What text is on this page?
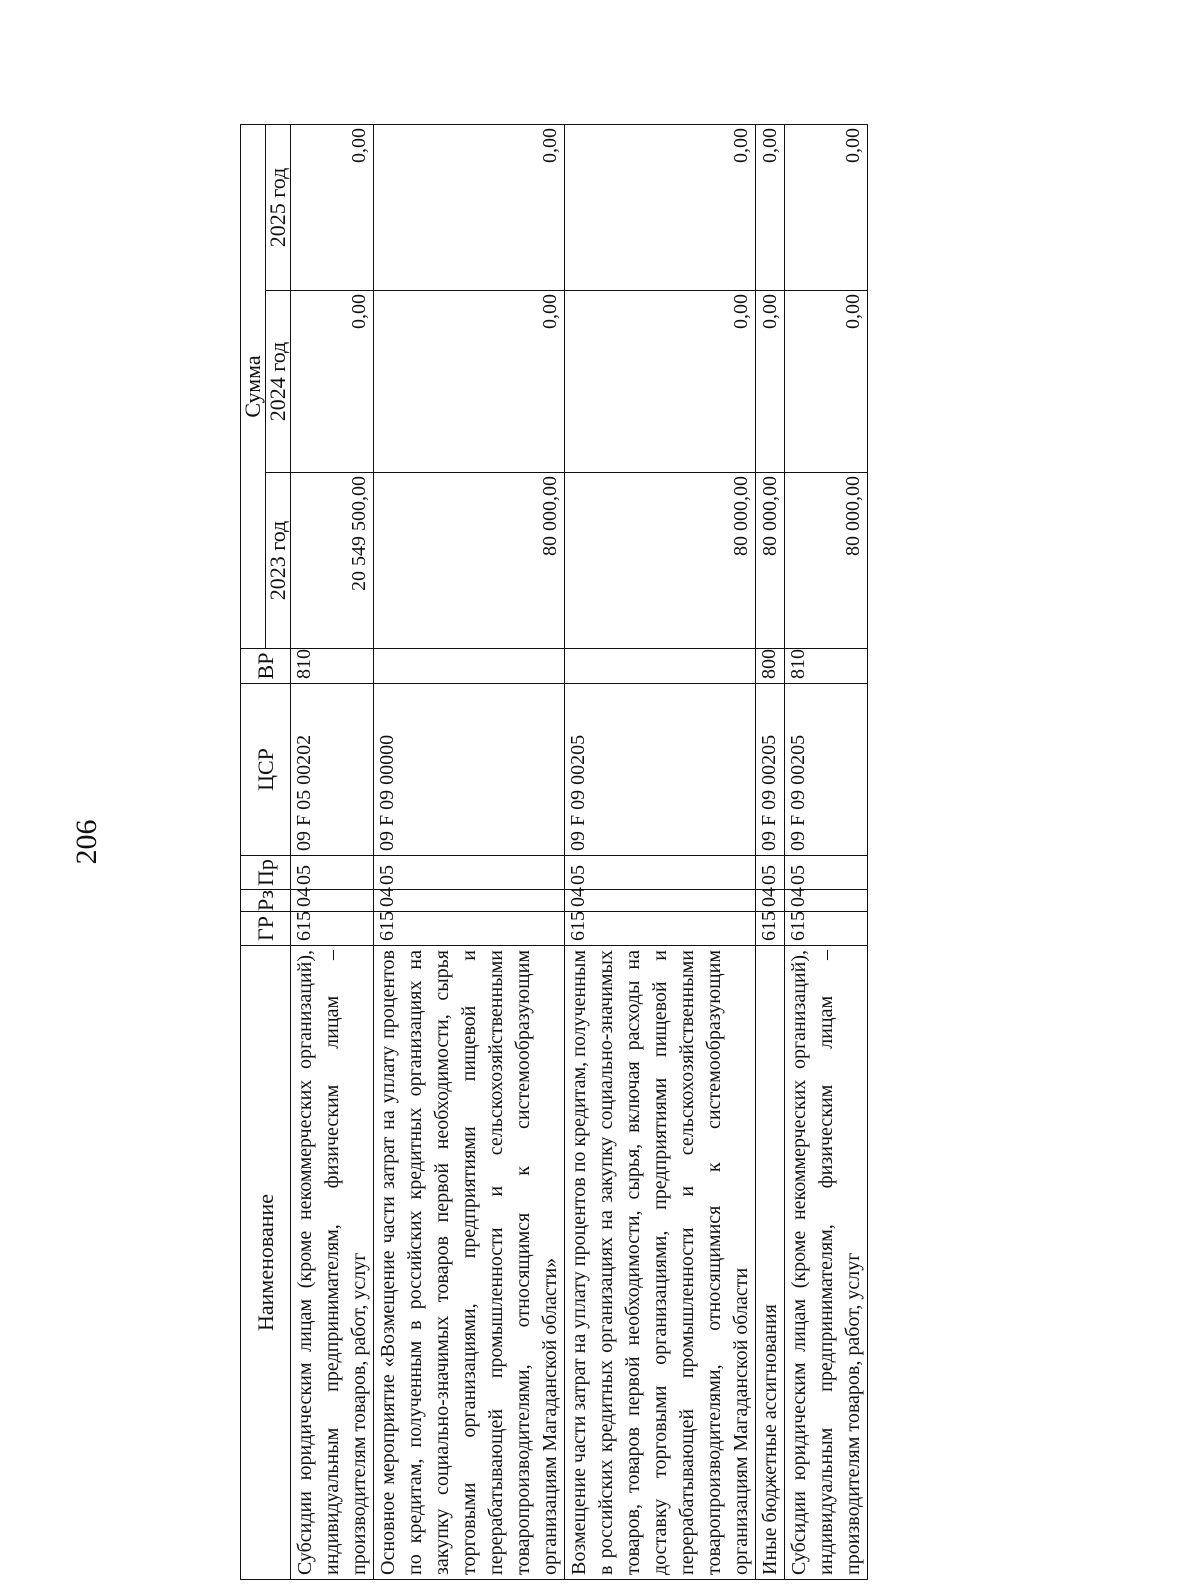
206
Наименование	ГР	Рз	Пр	ЦСР	ВР	Сумма		
						2023 год	2024 год	2025 год
Субсидии юридическим лицам (кроме некоммерческих организаций), индивидуальным предпринимателям, физическим лицам – производителям товаров, работ, услуг	615	04	05	09 F 05 00202	810	20 549 500,00	0,00	0,00
Основное мероприятие «Возмещение части затрат на уплату процентов по кредитам, полученным в российских кредитных организациях на закупку социально-значимых товаров первой необходимости, сырья торговыми организациями, предприятиями пищевой и перерабатывающей промышленности и сельскохозяйственными товаропроизводителями, относящимся к системообразующим организациям Магаданской области»	615	04	05	09 F 09 00000		80 000,00	0,00	0,00
Возмещение части затрат на уплату процентов по кредитам, полученным в российских кредитных организациях на закупку социально-значимых товаров, товаров первой необходимости, сырья, включая расходы на доставку торговыми организациями, предприятиями пищевой и перерабатывающей промышленности и сельскохозяйственными товаропроизводителями, относящимися к системообразующим организациям Магаданской области	615	04	05	09 F 09 00205		80 000,00	0,00	0,00
Иные бюджетные ассигнования	615	04	05	09 F 09 00205	800	80 000,00	0,00	0,00
Субсидии юридическим лицам (кроме некоммерческих организаций), индивидуальным предпринимателям, физическим лицам – производителям товаров, работ, услуг	615	04	05	09 F 09 00205	810	80 000,00	0,00	0,00
